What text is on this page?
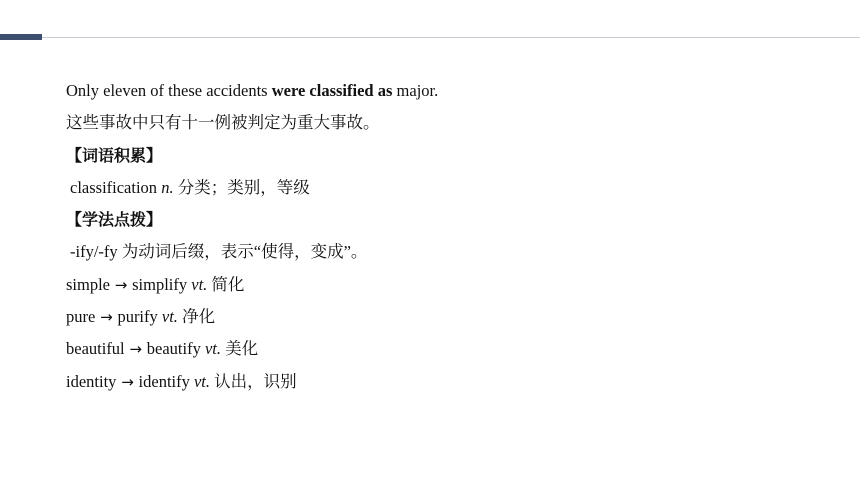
Only eleven of these accidents were classified as major.
这些事故中只有十一例被判定为重大事故。
【词语积累】
classification n. 分类；类别，等级
【学法点拨】
-ify/-fy 为动词后缀，表示“使得，变成”。
simple → simplify vt. 简化
pure → purify vt. 净化
beautiful → beautify vt. 美化
identity → identify vt. 认出，识别
